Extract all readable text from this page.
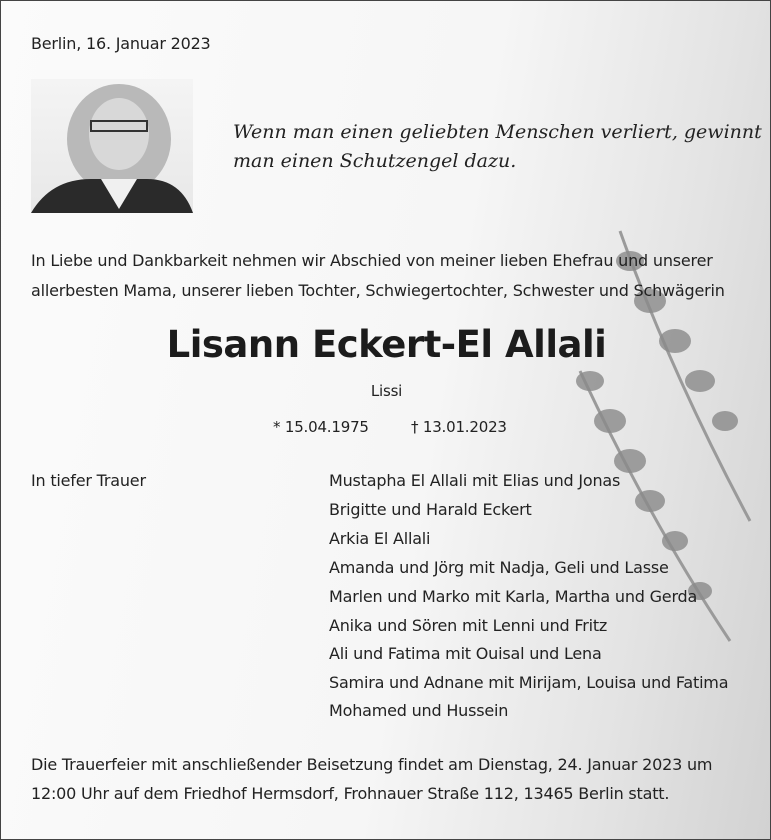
Berlin, 16. Januar 2023
Wenn man einen geliebten Menschen verliert, gewinnt
man einen Schutzengel dazu.
In Liebe und Dankbarkeit nehmen wir Abschied von meiner lieben Ehefrau und unserer
allerbesten Mama, unserer lieben Tochter, Schwiegertochter, Schwester und Schwägerin
Lisann Eckert-El Allali
Lissi
* 15.04.1975	† 13.01.2023
In tiefer Trauer	Mustapha El Allali mit Elias und Jonas
Brigitte und Harald Eckert
Arkia El Allali
Amanda und Jörg mit Nadja, Geli und Lasse
Marlen und Marko mit Karla, Martha und Gerda
Anika und Sören mit Lenni und Fritz
Ali und Fatima mit Ouisal und Lena
Samira und Adnane mit Mirijam, Louisa und Fatima
Mohamed und Hussein
Die Trauerfeier mit anschließender Beisetzung findet am Dienstag, 24. Januar 2023 um
12:00 Uhr auf dem Friedhof Hermsdorf, Frohnauer Straße 112, 13465 Berlin statt.
